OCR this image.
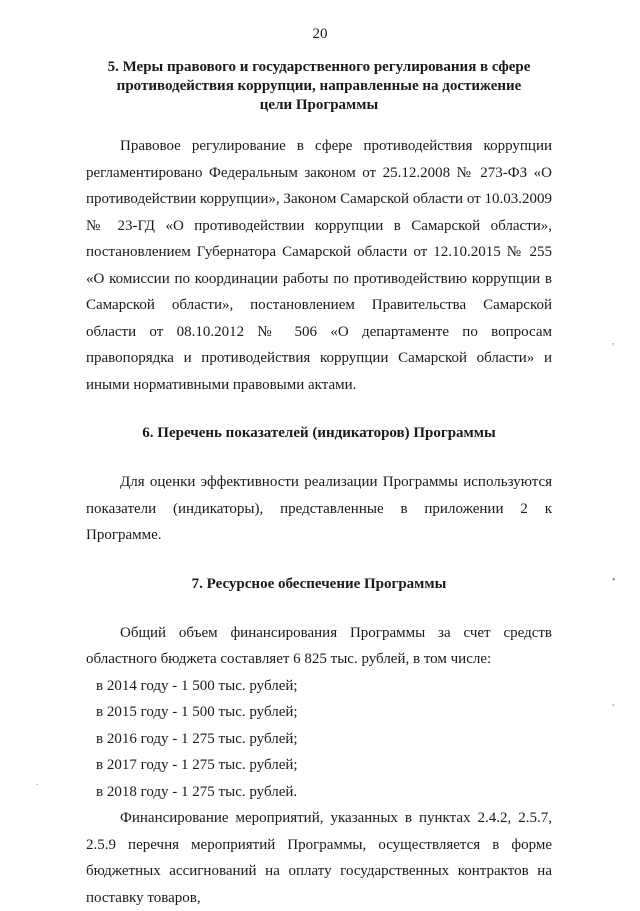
20
5. Меры правового и государственного регулирования в сфере
противодействия коррупции, направленные на достижение
цели Программы

Правовое регулирование в сфере противодействия коррупции регламентировано Федеральным законом от 25.12.2008 № 273-ФЗ «О противодействии коррупции», Законом Самарской области от 10.03.2009 № 23-ГД «О противодействии коррупции в Самарской области», постановлением Губернатора Самарской области от 12.10.2015 № 255 «О комиссии по координации работы по противодействию коррупции в Самарской области», постановлением Правительства Самарской области от 08.10.2012 № 506 «О департаменте по вопросам правопорядка и противодействия коррупции Самарской области» и иными нормативными правовыми актами.

6. Перечень показателей (индикаторов) Программы

Для оценки эффективности реализации Программы используются показатели (индикаторы), представленные в приложении 2 к Программе.

7. Ресурсное обеспечение Программы

Общий объем финансирования Программы за счет средств областного бюджета составляет 6 825 тыс. рублей, в том числе:

в 2014 году - 1 500 тыс. рублей;

в 2015 году - 1 500 тыс. рублей;

в 2016 году - 1 275 тыс. рублей;

в 2017 году - 1 275 тыс. рублей;

в 2018 году - 1 275 тыс. рублей.

Финансирование мероприятий, указанных в пунктах 2.4.2, 2.5.7, 2.5.9 перечня мероприятий Программы, осуществляется в форме бюджетных ассигнований на оплату государственных контрактов на поставку товаров,

,
•
,
.
